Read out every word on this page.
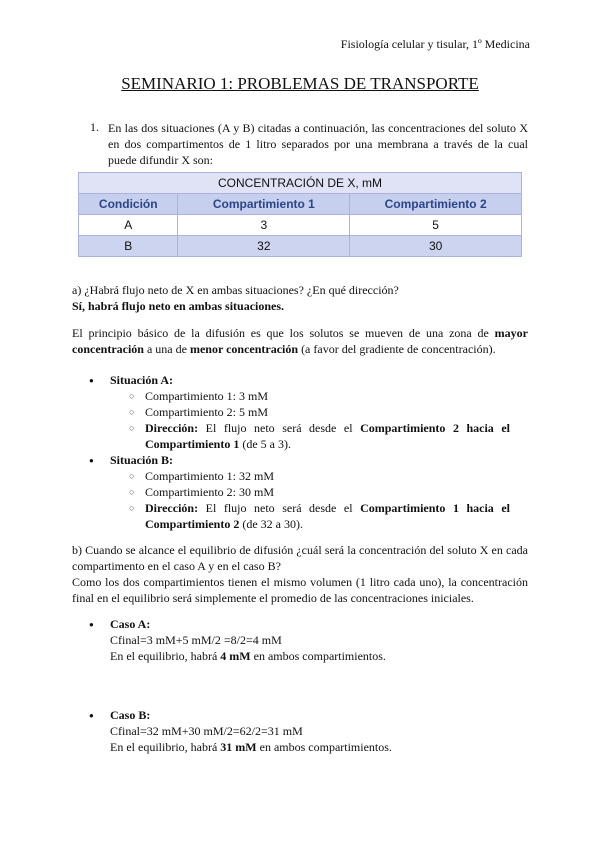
Fisiología celular y tisular, 1º Medicina
SEMINARIO 1: PROBLEMAS DE TRANSPORTE
1. En las dos situaciones (A y B) citadas a continuación, las concentraciones del soluto X en dos compartimentos de 1 litro separados por una membrana a través de la cual puede difundir X son:
CONCENTRACIÓN DE X, mM		
Condición	Compartimiento 1	Compartimiento 2
A	3	5
B	32	30
a) ¿Habrá flujo neto de X en ambas situaciones? ¿En qué dirección?
Sí, habrá flujo neto en ambas situaciones.
El principio básico de la difusión es que los solutos se mueven de una zona de mayor concentración a una de menor concentración (a favor del gradiente de concentración).
● Situación A:
○ Compartimiento 1: 3 mM
○ Compartimiento 2: 5 mM
○ Dirección: El flujo neto será desde el Compartimiento 2 hacia el Compartimiento 1 (de 5 a 3).
● Situación B:
○ Compartimiento 1: 32 mM
○ Compartimiento 2: 30 mM
○ Dirección: El flujo neto será desde el Compartimiento 1 hacia el Compartimiento 2 (de 32 a 30).
b) Cuando se alcance el equilibrio de difusión ¿cuál será la concentración del soluto X en cada compartimento en el caso A y en el caso B?
Como los dos compartimientos tienen el mismo volumen (1 litro cada uno), la concentración final en el equilibrio será simplemente el promedio de las concentraciones iniciales.
● Caso A:
Cfinal=3 mM+5 mM/2 =8/2=4 mM
En el equilibrio, habrá 4 mM en ambos compartimientos.
● Caso B:
Cfinal=32 mM+30 mM/2=62/2=31 mM
En el equilibrio, habrá 31 mM en ambos compartimientos.
